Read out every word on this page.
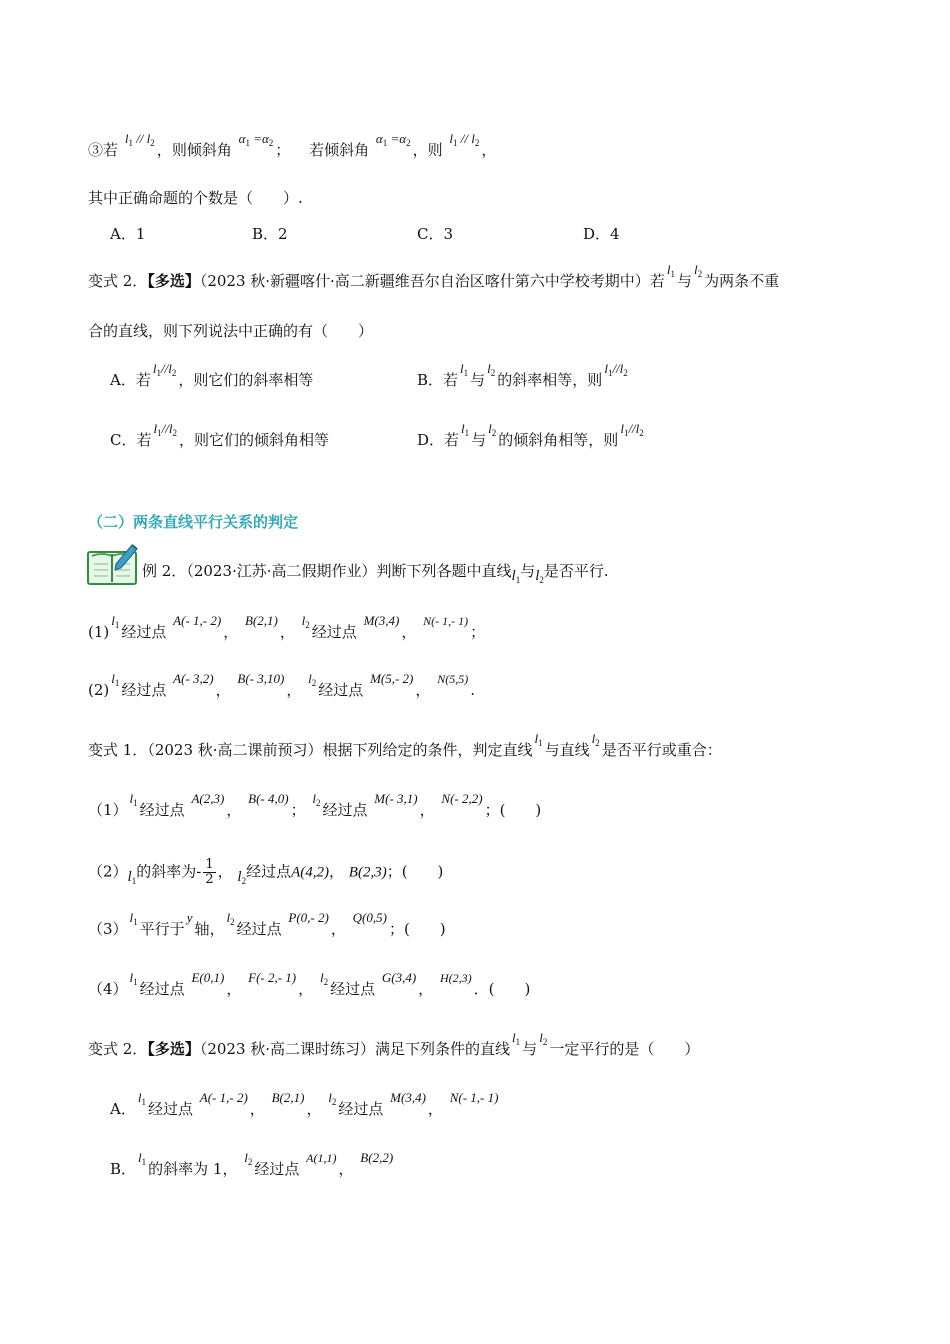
③若 $l_1 // l_2$ ，则倾斜角 $\alpha_1 =\alpha_2$ ； 若倾斜角 $\alpha_1 =\alpha_2$ ，则 $l_1 // l_2$ ，
其中正确命题的个数是（　　）.
A．1	B．2	C．3	D．4
变式 2．【多选】（2023 秋·新疆喀什·高二新疆维吾尔自治区喀什第六中学校考期中）若$l_1$ 与$l_2$ 为两条不重
合的直线，则下列说法中正确的有（　　）
A．若$l_1//l_2$ ，则它们的斜率相等	B．若$l_1$ 与$l_2$ 的斜率相等，则$l_1//l_2$
C．若$l_1//l_2$ ，则它们的倾斜角相等	D．若$l_1$ 与$l_2$ 的倾斜角相等，则$l_1//l_2$
（二）两条直线平行关系的判定
例 2．（2023·江苏·高二假期作业）判断下列各题中直线$l_1$与$l_2$是否平行.
$(1)l_1$ 经过点 A(- 1,- 2)， B(2,1)， $l_2$ 经过点 M(3,4)， $^{N(- 1,- 1)}$；
$(2)l_1$ 经过点 A(- 3,2)， B(- 3,10)， $l_2$ 经过点 M(5,- 2)， $^{N(5,5)}$.
变式 1．（2023 秋·高二课前预习）根据下列给定的条件，判定直线$l_1$ 与直线$l_2$ 是否平行或重合：
$(1)l_1$ 经过点 A(2,3)， B(- 4,0)； $l_2$ 经过点 M(- 3,1)， N(- 2,2)；(　　)
$(2)l_1$的斜率为- $\frac{1}{2}$ ， $l_2$经过点A(4,2)， B(2,3)；(　　)
$(3)l_1$ 平行于y轴，$l_2$ 经过点 P(0,- 2)， Q(0,5)；(　　)
$(4)l_1$ 经过点 E(0,1)， F(- 2,- 1)， $l_2$ 经过点 G(3,4)， $^{H(2,3)}$．(　　)
变式 2．【多选】（2023 秋·高二课时练习）满足下列条件的直线$l_1$ 与$l_2$ 一定平行的是（　　）
A．$l_1$ 经过点 A(- 1,- 2)， B(2,1)， $l_2$ 经过点 M(3,4)， N(- 1,- 1)
B．$l_1$ 的斜率为 1， $l_2$ 经过点 $^{A(1,1)}$， B(2,2)
